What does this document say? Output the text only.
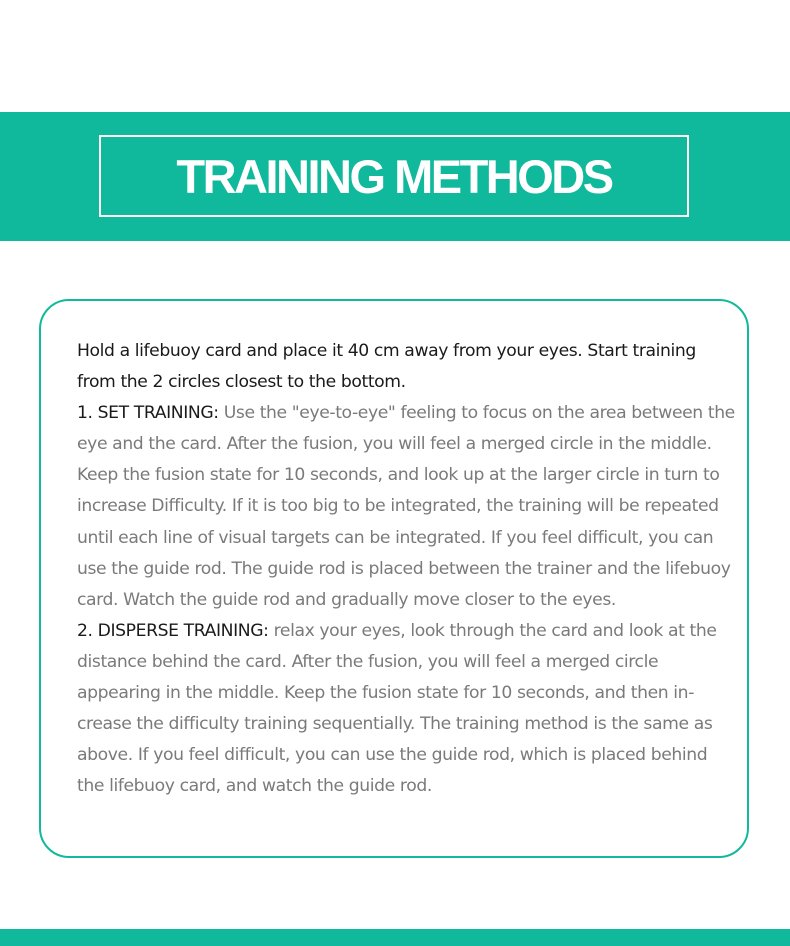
TRAINING METHODS

Hold a lifebuoy card and place it 40 cm away from your eyes. Start training from the 2 circles closest to the bottom.

1. SET TRAINING: Use the "eye-to-eye" feeling to focus on the area between the eye and the card. After the fusion, you will feel a merged circle in the middle. Keep the fusion state for 10 seconds, and look up at the larger circle in turn to increase Difficulty. If it is too big to be integrated, the training will be repeated until each line of visual targets can be integrated. If you feel difficult, you can use the guide rod. The guide rod is placed between the trainer and the lifebuoy card. Watch the guide rod and gradually move closer to the eyes.

2. DISPERSE TRAINING: relax your eyes, look through the card and look at the distance behind the card. After the fusion, you will feel a merged circle appearing in the middle. Keep the fusion state for 10 seconds, and then increase the difficulty training sequentially. The training method is the same as above. If you feel difficult, you can use the guide rod, which is placed behind the lifebuoy card, and watch the guide rod.
